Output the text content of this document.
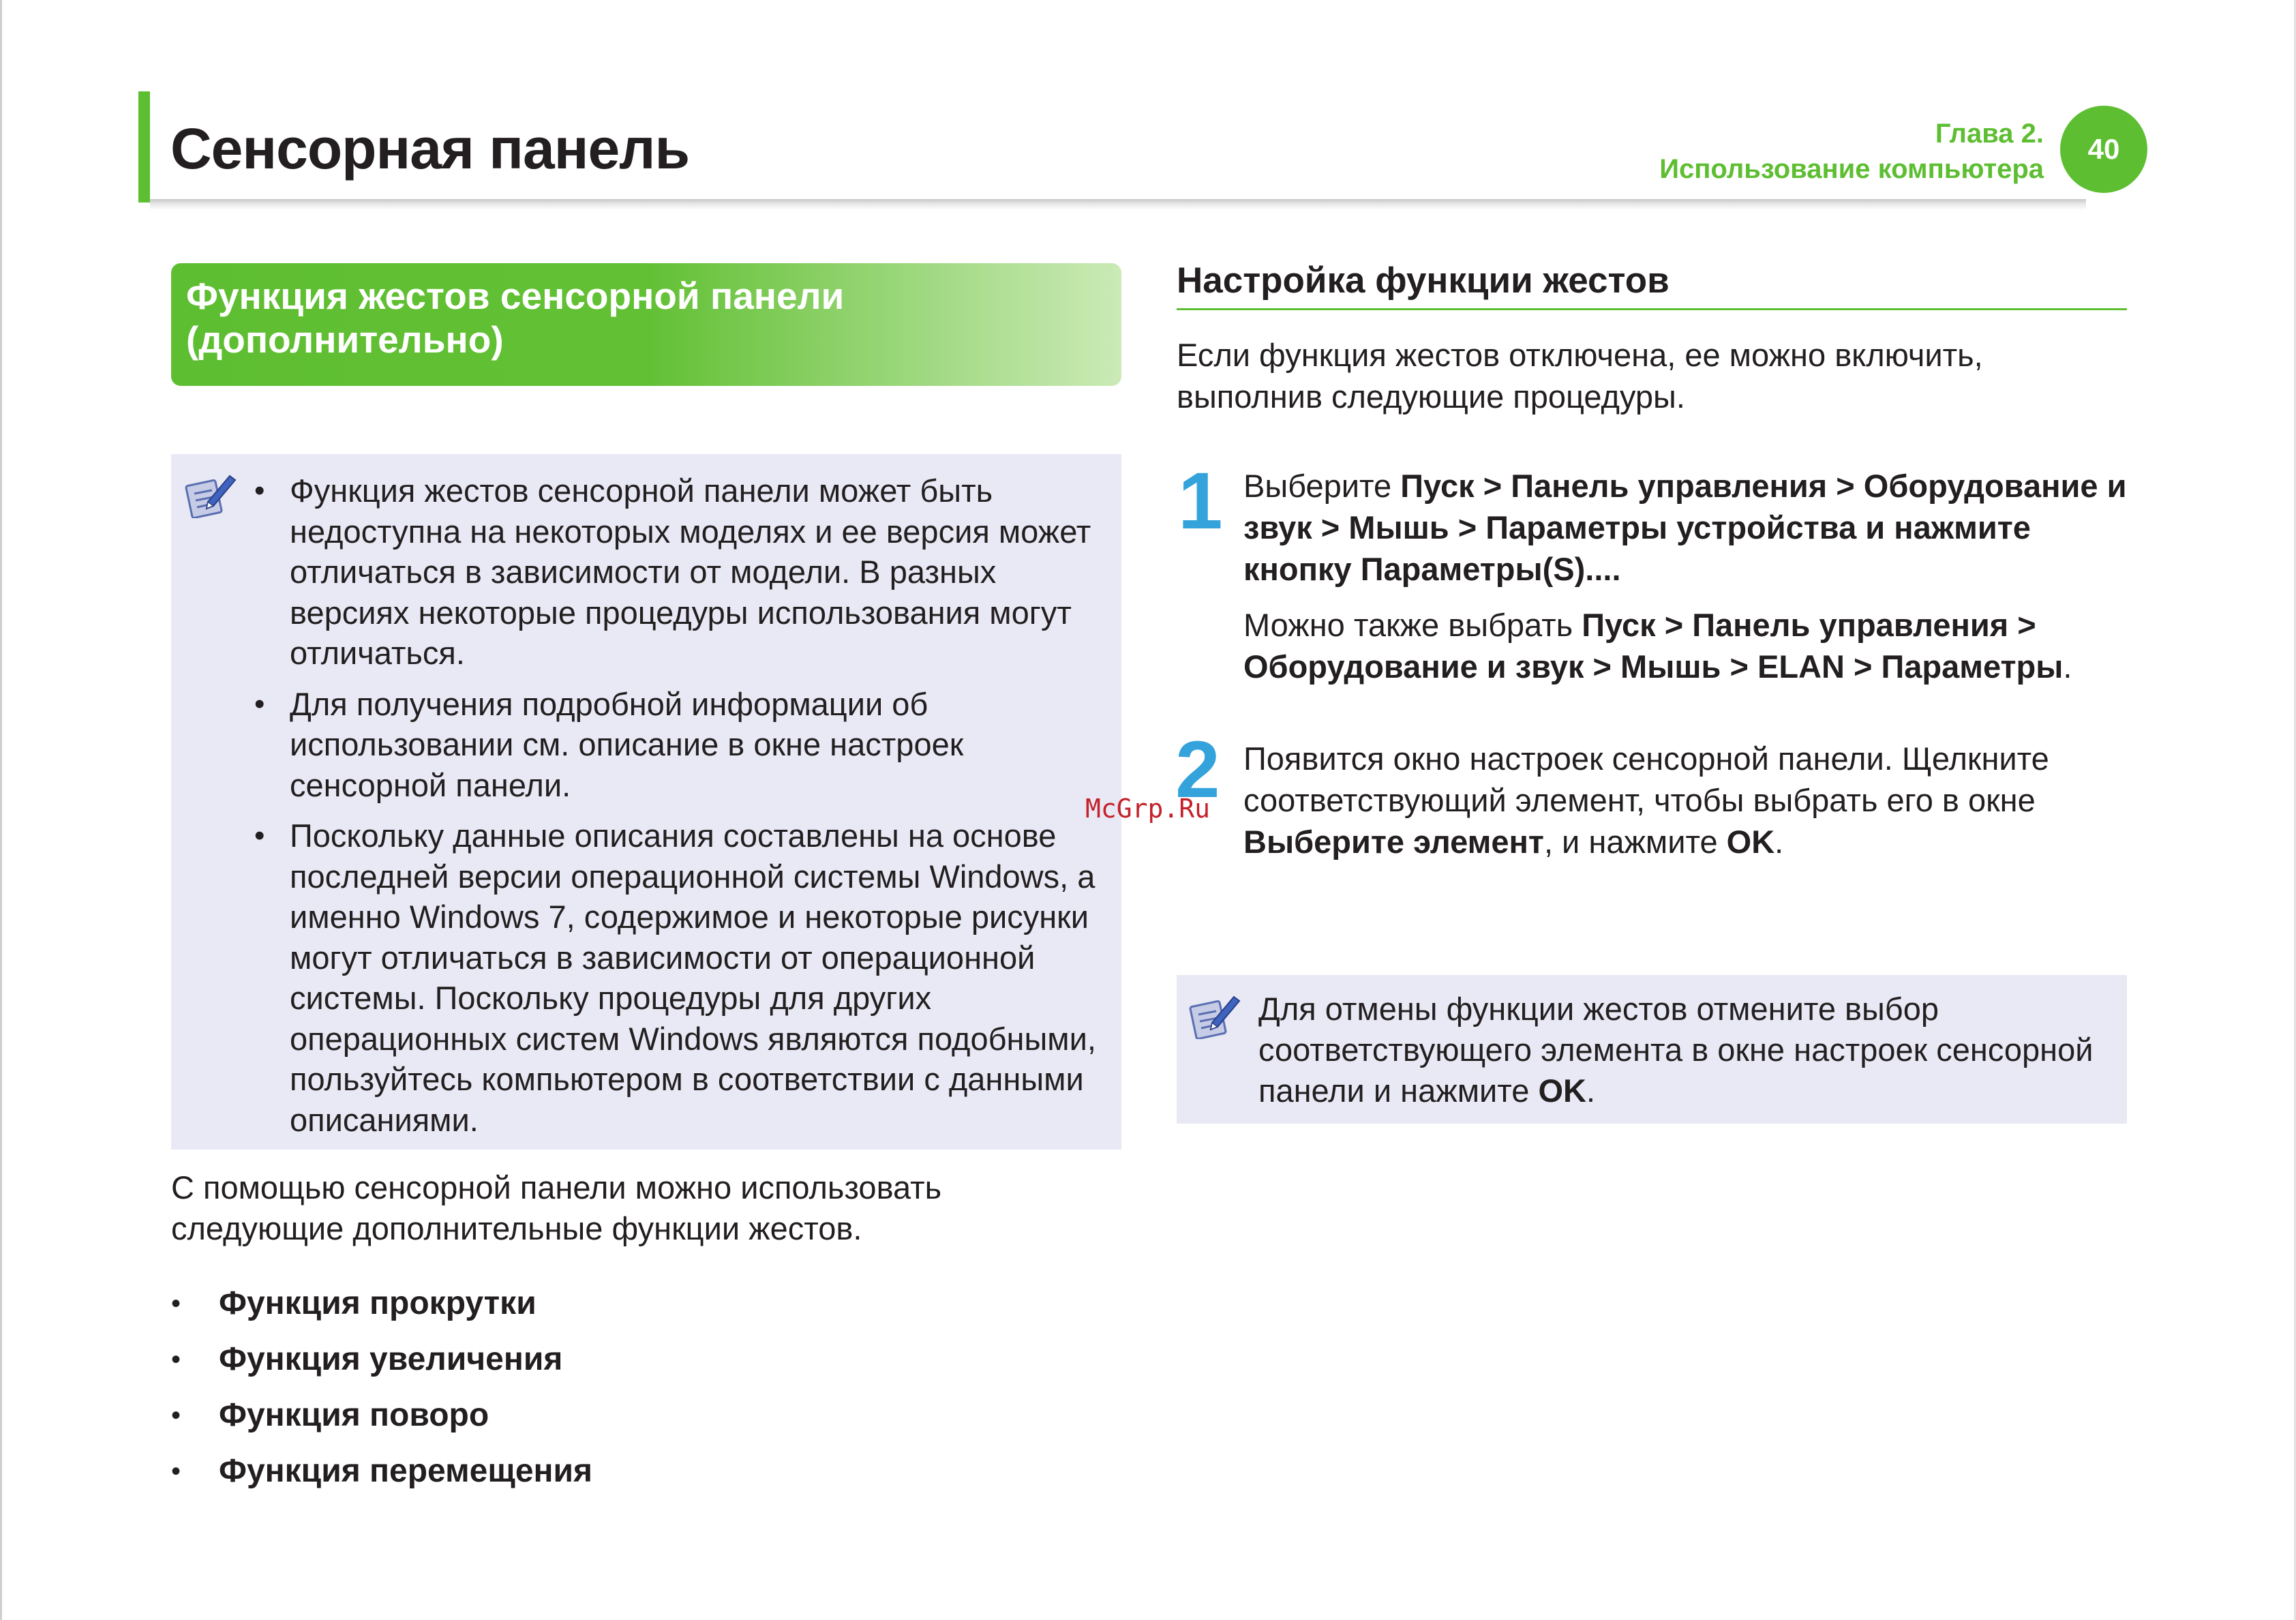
Сенсорная панель	Глава 2.
Использование компьютера
40
Функция жестов сенсорной панели
(дополнительно)
• Функция жестов сенсорной панели может быть недоступна на некоторых моделях и ее версия может отличаться в зависимости от модели. В разных версиях некоторые процедуры использования могут отличаться.
• Для получения подробной информации об использовании см. описание в окне настроек сенсорной панели.
• Поскольку данные описания составлены на основе последней версии операционной системы Windows, а именно Windows 7, содержимое и некоторые рисунки могут отличаться в зависимости от операционной системы. Поскольку процедуры для других операционных систем Windows являются подобными, пользуйтесь компьютером в соответствии с данными описаниями.
С помощью сенсорной панели можно использовать следующие дополнительные функции жестов.
• Функция прокрутки
• Функция увеличения
• Функция поворо
• Функция перемещения
Настройка функции жестов
Если функция жестов отключена, ее можно включить, выполнив следующие процедуры.
1 Выберите Пуск > Панель управления > Оборудование и звук > Мышь > Параметры устройства и нажмите кнопку Параметры(S)....
Можно также выбрать Пуск > Панель управления > Оборудование и звук > Мышь > ELAN > Параметры.
2 Появится окно настроек сенсорной панели. Щелкните соответствующий элемент, чтобы выбрать его в окне Выберите элемент, и нажмите OK.
Для отмены функции жестов отмените выбор соответствующего элемента в окне настроек сенсорной панели и нажмите OK.
McGrp.Ru
